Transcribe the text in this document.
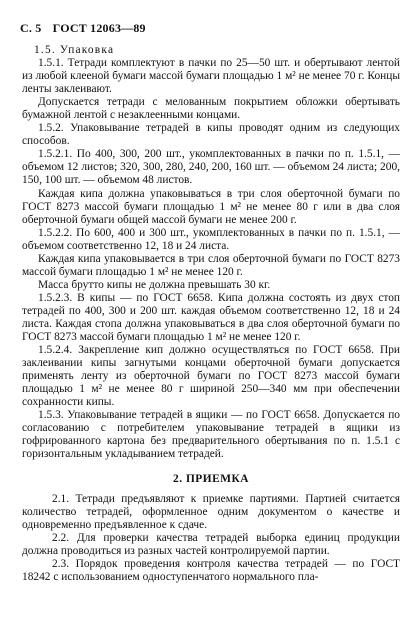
С. 5 ГОСТ 12063—89

1.5. Упаковка

1.5.1. Тетради комплектуют в пачки по 25—50 шт. и обертывают лентой из любой клееной бумаги массой бумаги площадью 1 м² не менее 70 г. Концы ленты заклеивают.

Допускается тетради с мелованным покрытием обложки обертывать бумажной лентой с незаклеенными концами.

1.5.2. Упаковывание тетрадей в кипы проводят одним из следующих способов.

1.5.2.1. По 400, 300, 200 шт., укомплектованных в пачки по п. 1.5.1, — объемом 12 листов; 320, 300, 280, 240, 200, 160 шт. — объемом 24 листа; 200, 150, 100 шт. — объемом 48 листов.

Каждая кипа должна упаковываться в три слоя оберточной бумаги по ГОСТ 8273 массой бумаги площадью 1 м² не менее 80 г или в два слоя оберточной бумаги общей массой бумаги не менее 200 г.

1.5.2.2. По 600, 400 и 300 шт., укомплектованных в пачки по п. 1.5.1, — объемом соответственно 12, 18 и 24 листа.

Каждая кипа упаковывается в три слоя оберточной бумаги по ГОСТ 8273 массой бумаги площадью 1 м² не менее 120 г.

Масса брутто кипы не должна превышать 30 кг.

1.5.2.3. В кипы — по ГОСТ 6658. Кипа должна состоять из двух стоп тетрадей по 400, 300 и 200 шт. каждая объемом соответственно 12, 18 и 24 листа. Каждая стопа должна упаковываться в два слоя оберточной бумаги по ГОСТ 8273 массой бумаги площадью 1 м² не менее 120 г.

1.5.2.4. Закрепление кип должно осуществляться по ГОСТ 6658. При заклеивании кипы загнутыми концами оберточной бумаги допускается применять ленту из оберточной бумаги по ГОСТ 8273 массой бумаги площадью 1 м² не менее 80 г шириной 250—340 мм при обеспечении сохранности кипы.

1.5.3. Упаковывание тетрадей в ящики — по ГОСТ 6658. Допускается по согласованию с потребителем упаковывание тетрадей в ящики из гофрированного картона без предварительного обертывания по п. 1.5.1 с горизонтальным укладыванием тетрадей.

2. ПРИЕМКА

2.1. Тетради предъявляют к приемке партиями. Партией считается количество тетрадей, оформленное одним документом о качестве и одновременно предъявленное к сдаче.

2.2. Для проверки качества тетрадей выборка единиц продукции должна проводиться из разных частей контролируемой партии.

2.3. Порядок проведения контроля качества тетрадей — по ГОСТ 18242 с использованием одноступенчатого нормального пла-
